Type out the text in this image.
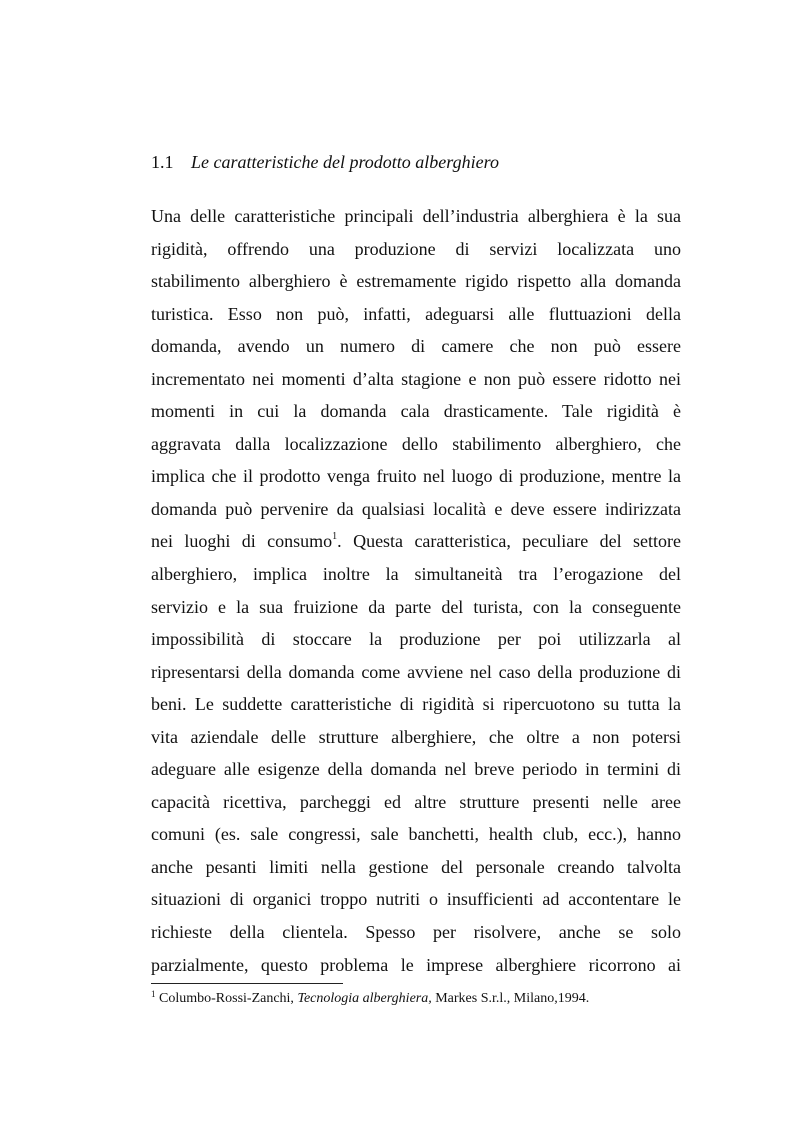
1.1 Le caratteristiche del prodotto alberghiero
Una delle caratteristiche principali dell’industria alberghiera è la sua
rigidità, offrendo una produzione di servizi localizzata uno
stabilimento alberghiero è estremamente rigido rispetto alla domanda
turistica. Esso non può, infatti, adeguarsi alle fluttuazioni della
domanda, avendo un numero di camere che non può essere
incrementato nei momenti d’alta stagione e non può essere ridotto nei
momenti in cui la domanda cala drasticamente. Tale rigidità è
aggravata dalla localizzazione dello stabilimento alberghiero, che
implica che il prodotto venga fruito nel luogo di produzione, mentre la
domanda può pervenire da qualsiasi località e deve essere indirizzata
nei luoghi di consumo$^1$. Questa caratteristica, peculiare del settore
alberghiero, implica inoltre la simultaneità tra l’erogazione del
servizio e la sua fruizione da parte del turista, con la conseguente
impossibilità di stoccare la produzione per poi utilizzarla al
ripresentarsi della domanda come avviene nel caso della produzione di
beni. Le suddette caratteristiche di rigidità si ripercuotono su tutta la
vita aziendale delle strutture alberghiere, che oltre a non potersi
adeguare alle esigenze della domanda nel breve periodo in termini di
capacità ricettiva, parcheggi ed altre strutture presenti nelle aree
comuni (es. sale congressi, sale banchetti, health club, ecc.), hanno
anche pesanti limiti nella gestione del personale creando talvolta
situazioni di organici troppo nutriti o insufficienti ad accontentare le
richieste della clientela. Spesso per risolvere, anche se solo
parzialmente, questo problema le imprese alberghiere ricorrono ai
$^1$ Columbo-Rossi-Zanchi, Tecnologia alberghiera, Markes S.r.l., Milano,1994.
